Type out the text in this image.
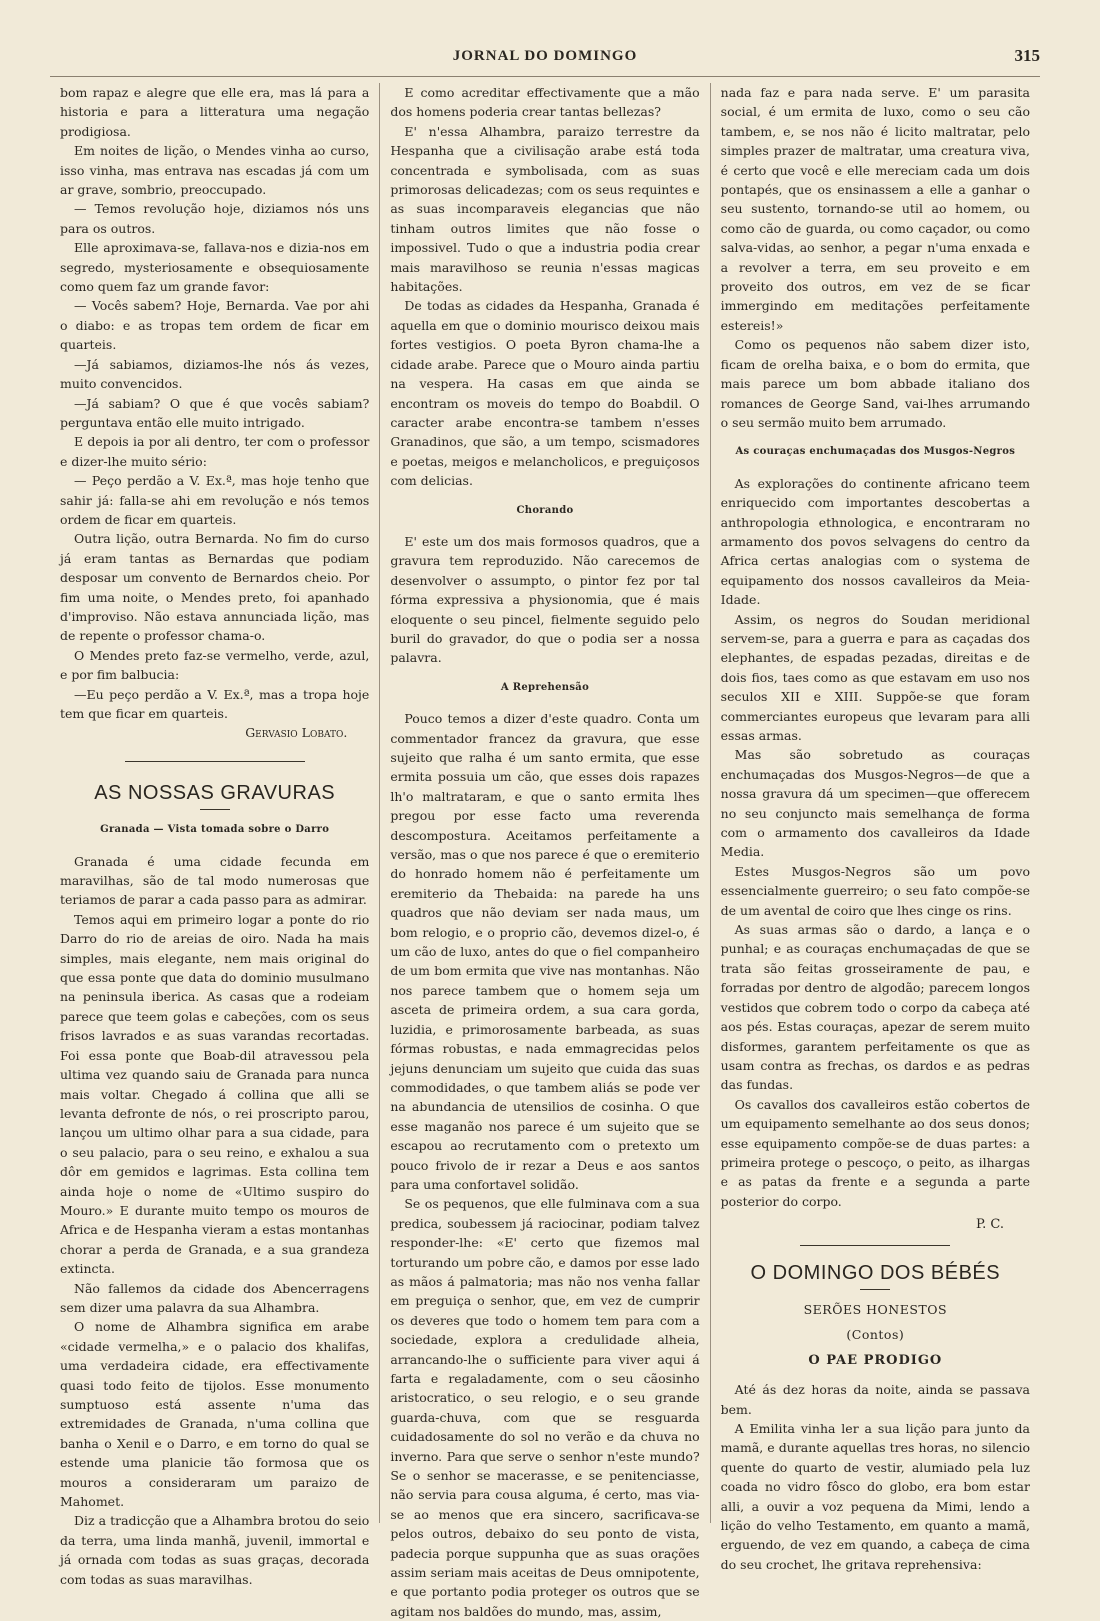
JORNAL DO DOMINGO	315

bom rapaz e alegre que elle era, mas lá para a historia e para a litteratura uma negação prodigiosa.

Em noites de lição, o Mendes vinha ao curso, isso vinha, mas entrava nas escadas já com um ar grave, sombrio, preoccupado.

— Temos revolução hoje, diziamos nós uns para os outros.

Elle aproximava-se, fallava-nos e dizia-nos em segredo, mysteriosamente e obsequiosamente como quem faz um grande favor:

— Vocês sabem? Hoje, Bernarda. Vae por ahi o diabo: e as tropas tem ordem de ficar em quarteis.

—Já sabiamos, diziamos-lhe nós ás vezes, muito convencidos.

—Já sabiam? O que é que vocês sabiam? perguntava então elle muito intrigado.

E depois ia por ali dentro, ter com o professor e dizer-lhe muito sério:

— Peço perdão a V. Ex.ª, mas hoje tenho que sahir já: falla-se ahi em revolução e nós temos ordem de ficar em quarteis.

Outra lição, outra Bernarda. No fim do curso já eram tantas as Bernardas que podiam desposar um convento de Bernardos cheio. Por fim uma noite, o Mendes preto, foi apanhado d'improviso. Não estava annunciada lição, mas de repente o professor chama-o.

O Mendes preto faz-se vermelho, verde, azul, e por fim balbucia:

—Eu peço perdão a V. Ex.ª, mas a tropa hoje tem que ficar em quarteis.

Gervasio Lobato.
AS NOSSAS GRAVURAS
Granada — Vista tomada sobre o Darro

Granada é uma cidade fecunda em maravilhas, são de tal modo numerosas que teriamos de parar a cada passo para as admirar.

Temos aqui em primeiro logar a ponte do rio Darro do rio de areias de oiro. Nada ha mais simples, mais elegante, nem mais original do que essa ponte que data do dominio musulmano na peninsula iberica. As casas que a rodeiam parece que teem golas e cabeções, com os seus frisos lavrados e as suas varandas recortadas. Foi essa ponte que Boab-dil atravessou pela ultima vez quando saiu de Granada para nunca mais voltar. Chegado á collina que alli se levanta defronte de nós, o rei proscripto parou, lançou um ultimo olhar para a sua cidade, para o seu palacio, para o seu reino, e exhalou a sua dôr em gemidos e lagrimas. Esta collina tem ainda hoje o nome de «Ultimo suspiro do Mouro.» E durante muito tempo os mouros de Africa e de Hespanha vieram a estas montanhas chorar a perda de Granada, e a sua grandeza extincta.

Não fallemos da cidade dos Abencerragens sem dizer uma palavra da sua Alhambra.

O nome de Alhambra significa em arabe «cidade vermelha,» e o palacio dos khalifas, uma verdadeira cidade, era effectivamente quasi todo feito de tijolos. Esse monumento sumptuoso está assente n'uma das extremidades de Granada, n'uma collina que banha o Xenil e o Darro, e em torno do qual se estende uma planicie tão formosa que os mouros a consideraram um paraizo de Mahomet.

Diz a tradicção que a Alhambra brotou do seio da terra, uma linda manhã, juvenil, immortal e já ornada com todas as suas graças, decorada com todas as suas maravilhas.

E como acreditar effectivamente que a mão dos homens poderia crear tantas bellezas?

E' n'essa Alhambra, paraizo terrestre da Hespanha que a civilisação arabe está toda concentrada e symbolisada, com as suas primorosas delicadezas; com os seus requintes e as suas incomparaveis elegancias que não tinham outros limites que não fosse o impossivel. Tudo o que a industria podia crear mais maravilhoso se reunia n'essas magicas habitações.

De todas as cidades da Hespanha, Granada é aquella em que o dominio mourisco deixou mais fortes vestigios. O poeta Byron chama-lhe a cidade arabe. Parece que o Mouro ainda partiu na vespera. Ha casas em que ainda se encontram os moveis do tempo do Boabdil. O caracter arabe encontra-se tambem n'esses Granadinos, que são, a um tempo, scismadores e poetas, meigos e melancholicos, e preguiçosos com delicias.

Chorando

E' este um dos mais formosos quadros, que a gravura tem reproduzido. Não carecemos de desenvolver o assumpto, o pintor fez por tal fórma expressiva a physionomia, que é mais eloquente o seu pincel, fielmente seguido pelo buril do gravador, do que o podia ser a nossa palavra.

A Reprehensão

Pouco temos a dizer d'este quadro. Conta um commentador francez da gravura, que esse sujeito que ralha é um santo ermita, que esse ermita possuia um cão, que esses dois rapazes lh'o maltrataram, e que o santo ermita lhes pregou por esse facto uma reverenda descompostura. Aceitamos perfeitamente a versão, mas o que nos parece é que o eremiterio do honrado homem não é perfeitamente um eremiterio da Thebaida: na parede ha uns quadros que não deviam ser nada maus, um bom relogio, e o proprio cão, devemos dizel-o, é um cão de luxo, antes do que o fiel companheiro de um bom ermita que vive nas montanhas. Não nos parece tambem que o homem seja um asceta de primeira ordem, a sua cara gorda, luzidia, e primorosamente barbeada, as suas fórmas robustas, e nada emmagrecidas pelos jejuns denunciam um sujeito que cuida das suas commodidades, o que tambem aliás se pode ver na abundancia de utensilios de cosinha. O que esse maganão nos parece é um sujeito que se escapou ao recrutamento com o pretexto um pouco frivolo de ir rezar a Deus e aos santos para uma confortavel solidão.

Se os pequenos, que elle fulminava com a sua predica, soubessem já raciocinar, podiam talvez responder-lhe: «E' certo que fizemos mal torturando um pobre cão, e damos por esse lado as mãos á palmatoria; mas não nos venha fallar em preguiça o senhor, que, em vez de cumprir os deveres que todo o homem tem para com a sociedade, explora a credulidade alheia, arrancando-lhe o sufficiente para viver aqui á farta e regaladamente, com o seu cãosinho aristocratico, o seu relogio, e o seu grande guarda-chuva, com que se resguarda cuidadosamente do sol no verão e da chuva no inverno. Para que serve o senhor n'este mundo? Se o senhor se macerasse, e se penitenciasse, não servia para cousa alguma, é certo, mas via-se ao menos que era sincero, sacrificava-se pelos outros, debaixo do seu ponto de vista, padecia porque suppunha que as suas orações assim seriam mais aceitas de Deus omnipotente, e que portanto podia proteger os outros que se agitam nos baldões do mundo, mas, assim,

nada faz e para nada serve. E' um parasita social, é um ermita de luxo, como o seu cão tambem, e, se nos não é licito maltratar, pelo simples prazer de maltratar, uma creatura viva, é certo que você e elle mereciam cada um dois pontapés, que os ensinassem a elle a ganhar o seu sustento, tornando-se util ao homem, ou como cão de guarda, ou como caçador, ou como salva-vidas, ao senhor, a pegar n'uma enxada e a revolver a terra, em seu proveito e em proveito dos outros, em vez de se ficar immergindo em meditações perfeitamente estereis!»

Como os pequenos não sabem dizer isto, ficam de orelha baixa, e o bom do ermita, que mais parece um bom abbade italiano dos romances de George Sand, vai-lhes arrumando o seu sermão muito bem arrumado.

As couraças enchumaçadas dos Musgos-Negros

As explorações do continente africano teem enriquecido com importantes descobertas a anthropologia ethnologica, e encontraram no armamento dos povos selvagens do centro da Africa certas analogias com o systema de equipamento dos nossos cavalleiros da Meia-Idade.

Assim, os negros do Soudan meridional servem-se, para a guerra e para as caçadas dos elephantes, de espadas pezadas, direitas e de dois fios, taes como as que estavam em uso nos seculos XII e XIII. Suppõe-se que foram commerciantes europeus que levaram para alli essas armas.

Mas são sobretudo as couraças enchumaçadas dos Musgos-Negros—de que a nossa gravura dá um specimen—que offerecem no seu conjuncto mais semelhança de forma com o armamento dos cavalleiros da Idade Media.

Estes Musgos-Negros são um povo essencialmente guerreiro; o seu fato compõe-se de um avental de coiro que lhes cinge os rins.

As suas armas são o dardo, a lança e o punhal; e as couraças enchumaçadas de que se trata são feitas grosseiramente de pau, e forradas por dentro de algodão; parecem longos vestidos que cobrem todo o corpo da cabeça até aos pés. Estas couraças, apezar de serem muito disformes, garantem perfeitamente os que as usam contra as frechas, os dardos e as pedras das fundas.

Os cavallos dos cavalleiros estão cobertos de um equipamento semelhante ao dos seus donos; esse equipamento compõe-se de duas partes: a primeira protege o pescoço, o peito, as ilhargas e as patas da frente e a segunda a parte posterior do corpo.

P. C.
O DOMINGO DOS BÉBÉS
SERÕES HONESTOS
(Contos)
O PAE PRODIGO

Até ás dez horas da noite, ainda se passava bem.

A Emilita vinha ler a sua lição para junto da mamã, e durante aquellas tres horas, no silencio quente do quarto de vestir, alumiado pela luz coada no vidro fôsco do globo, era bom estar alli, a ouvir a voz pequena da Mimi, lendo a lição do velho Testamento, em quanto a mamã, erguendo, de vez em quando, a cabeça de cima do seu crochet, lhe gritava reprehensiva:
